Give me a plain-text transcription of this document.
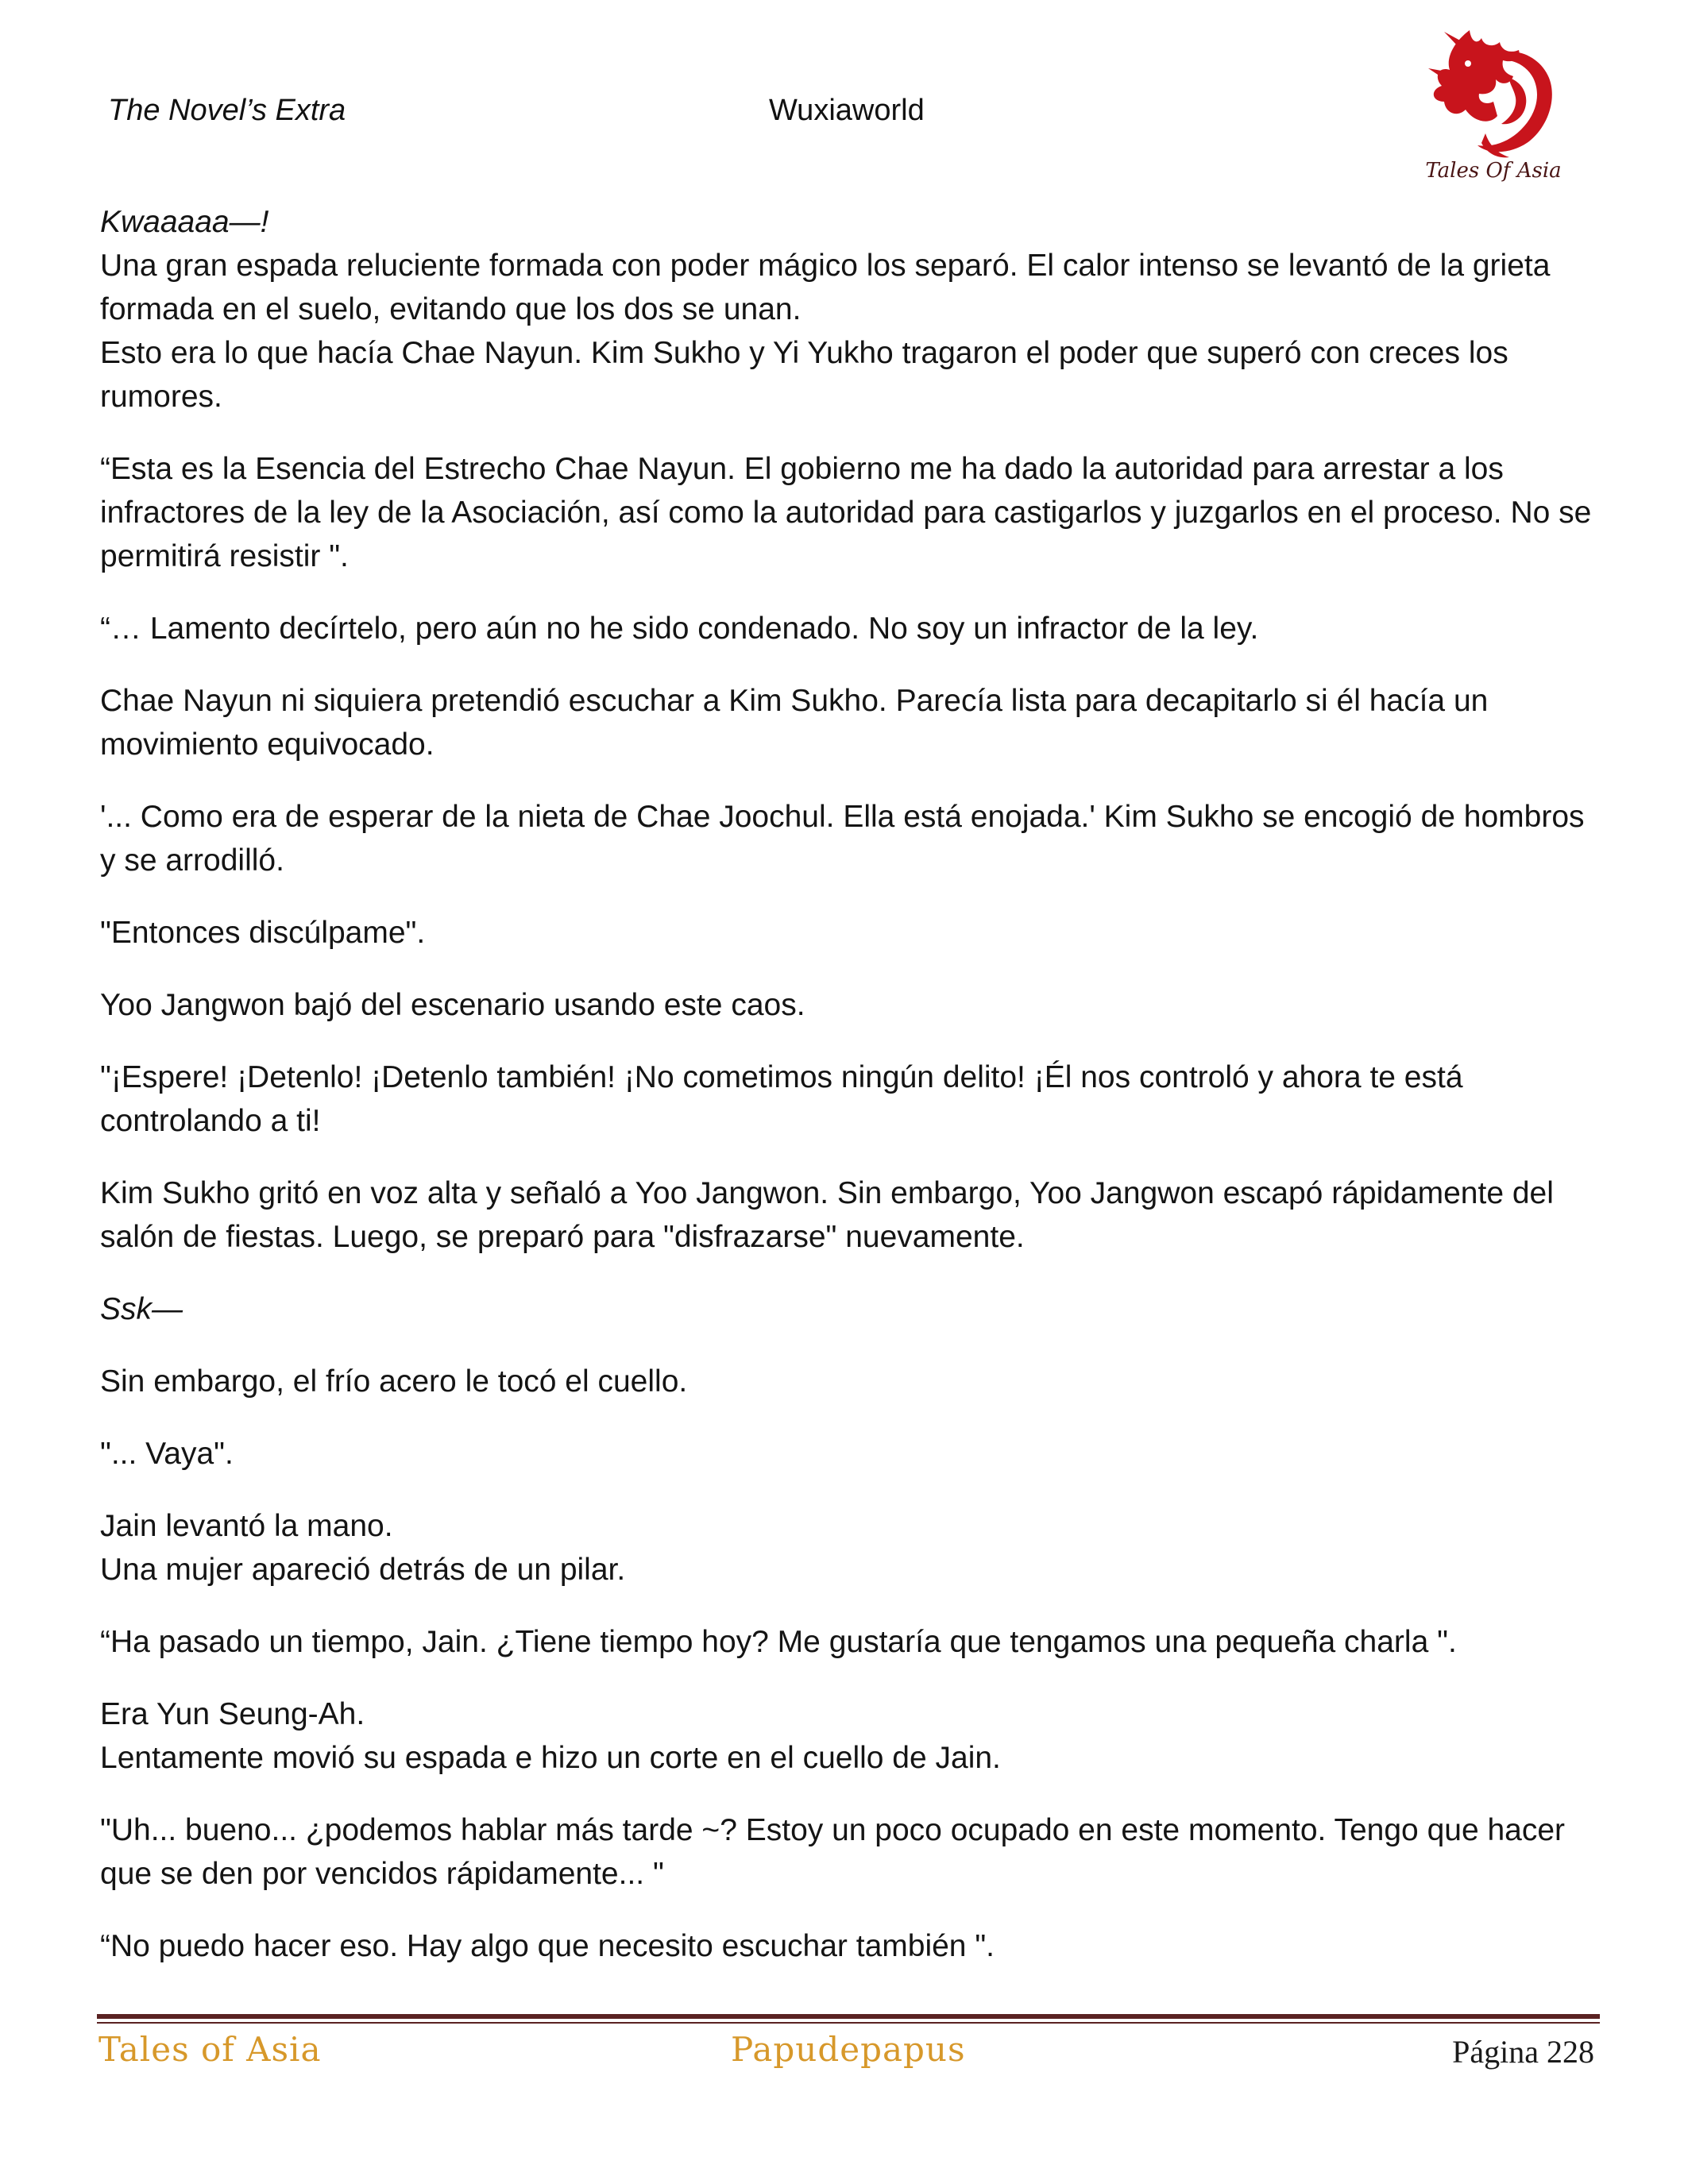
The Novel’s Extra	Wuxiaworld
Tales Of Asia

Kwaaaaa—!

Una gran espada reluciente formada con poder mágico los separó. El calor intenso se levantó de la grieta formada en el suelo, evitando que los dos se unan.

Esto era lo que hacía Chae Nayun. Kim Sukho y Yi Yukho tragaron el poder que superó con creces los rumores.

“Esta es la Esencia del Estrecho Chae Nayun. El gobierno me ha dado la autoridad para arrestar a los infractores de la ley de la Asociación, así como la autoridad para castigarlos y juzgarlos en el proceso. No se permitirá resistir ".

“… Lamento decírtelo, pero aún no he sido condenado. No soy un infractor de la ley.

Chae Nayun ni siquiera pretendió escuchar a Kim Sukho. Parecía lista para decapitarlo si él hacía un movimiento equivocado.

'... Como era de esperar de la nieta de Chae Joochul. Ella está enojada.' Kim Sukho se encogió de hombros y se arrodilló.

"Entonces discúlpame".

Yoo Jangwon bajó del escenario usando este caos.

"¡Espere! ¡Detenlo! ¡Detenlo también! ¡No cometimos ningún delito! ¡Él nos controló y ahora te está controlando a ti!

Kim Sukho gritó en voz alta y señaló a Yoo Jangwon. Sin embargo, Yoo Jangwon escapó rápidamente del salón de fiestas. Luego, se preparó para "disfrazarse" nuevamente.

Ssk—

Sin embargo, el frío acero le tocó el cuello.

"... Vaya".

Jain levantó la mano.

Una mujer apareció detrás de un pilar.

“Ha pasado un tiempo, Jain. ¿Tiene tiempo hoy? Me gustaría que tengamos una pequeña charla ".

Era Yun Seung-Ah.

Lentamente movió su espada e hizo un corte en el cuello de Jain.

"Uh... bueno... ¿podemos hablar más tarde ~? Estoy un poco ocupado en este momento. Tengo que hacer que se den por vencidos rápidamente... "

“No puedo hacer eso. Hay algo que necesito escuchar también ".

Tales of Asia	Papudepapus	Página 228
